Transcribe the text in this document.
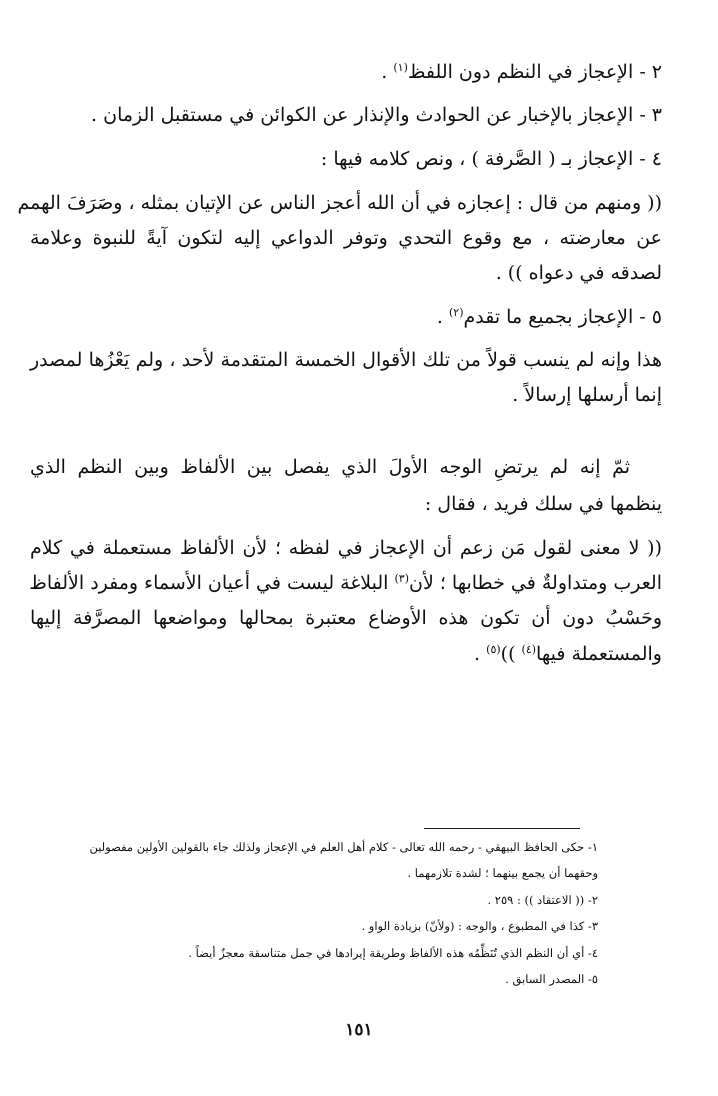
٢ - الإعجاز في النظم دون اللفظ$^{(١)}$ .
٣ - الإعجاز بالإخبار عن الحوادث والإنذار عن الكوائن في مستقبل الزمان .
٤ - الإعجاز بـ ( الصَّرفة ) ، ونص كلامه فيها :
(( ومنهم من قال : إعجازه في أن الله أعجز الناس عن الإتيان بمثله ، وصَرَفَ الهمم
عن معارضته ، مع وقوع التحدي وتوفر الدواعي إليه لتكون آيةً للنبوة وعلامة
لصدقه في دعواه )) .
٥ - الإعجاز بجميع ما تقدم$^{(٢)}$ .
هذا وإنه لم ينسب قولاً من تلك الأقوال الخمسة المتقدمة لأحد ، ولم يَعْزُها لمصدر
إنما أرسلها إرسالاً .
ثمّ إنه لم يرتضِ الوجه الأولَ الذي يفصل بين الألفاظ وبين النظم الذي
ينظمها في سلك فريد ، فقال :
(( لا معنى لقول مَن زعم أن الإعجاز في لفظه ؛ لأن الألفاظ مستعملة في كلام
العرب ومتداولةٌ في خطابها ؛ لأن$^{(٣)}$ البلاغة ليست في أعيان الأسماء ومفرد الألفاظ
وحَسْبُ دون أن تكون هذه الأوضاع معتبرة بمحالها ومواضعها المصرَّفة إليها
والمستعملة فيها$^{(٤)}$ ))$^{(٥)}$ .
١- حكى الحافظ البيهقي - رحمه الله تعالى - كلام أهل العلم في الإعجاز ولذلك جاء بالقولين الأولين مفصولين
وحقهما أن يجمع بينهما ؛ لشدة تلازمهما .
٢- (( الاعتقاد )) : ٢٥٩ .
٣- كذا في المطبوع ، والوجه : (ولأنّ) بزيادة الواو .
٤- أي أن النظم الذي تُنَظِّمُه هذه الألفاظ وطريقة إيرادها في جمل متناسقة معجزٌ أيضاً .
٥- المصدر السابق .
١٥١
